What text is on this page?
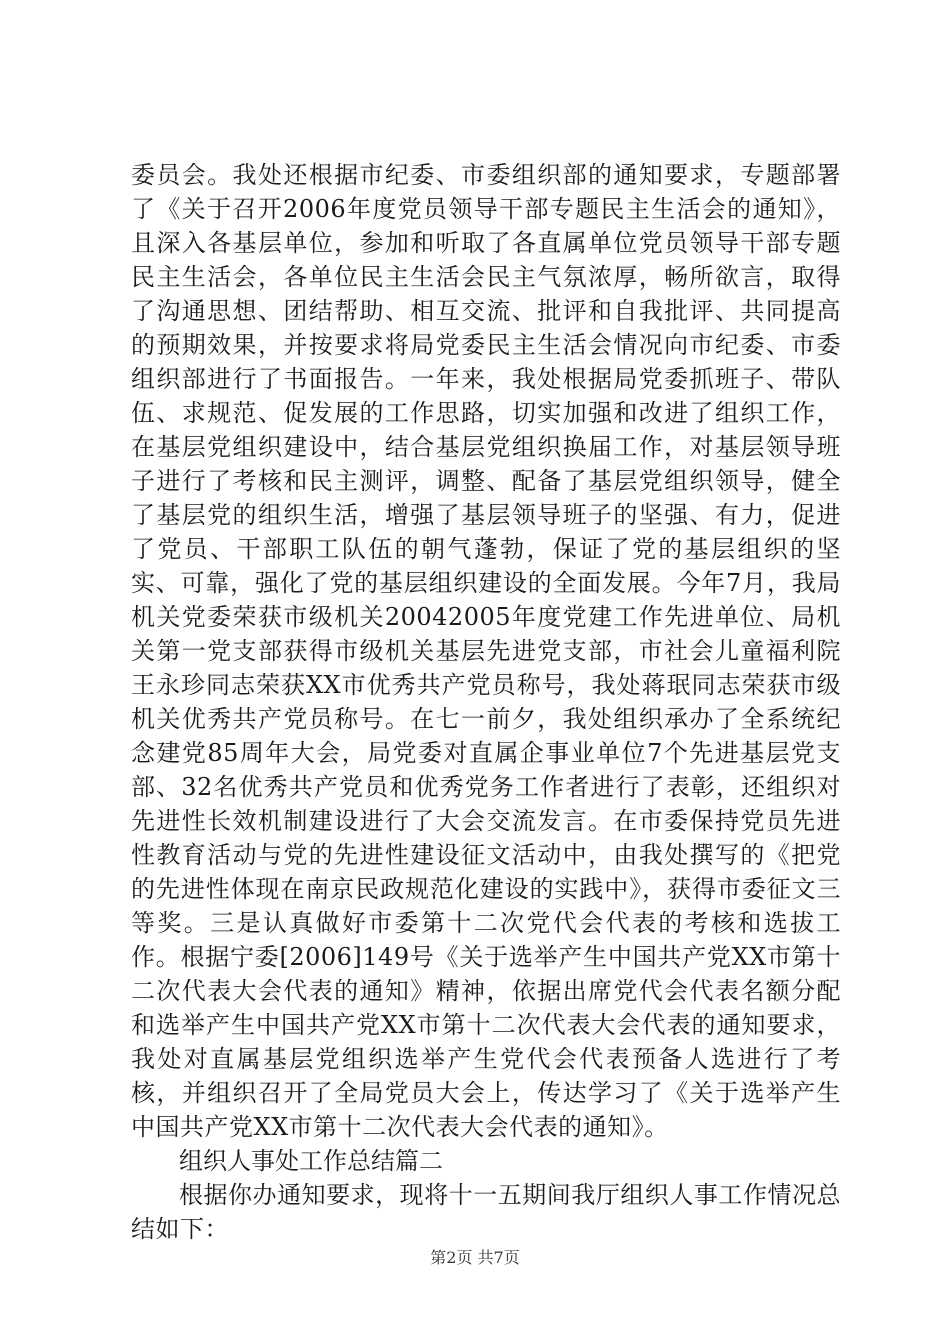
委员会。我处还根据市纪委、市委组织部的通知要求，专题部署了《关于召开2006年度党员领导干部专题民主生活会的通知》，且深入各基层单位，参加和听取了各直属单位党员领导干部专题民主生活会，各单位民主生活会民主气氛浓厚，畅所欲言，取得了沟通思想、团结帮助、相互交流、批评和自我批评、共同提高的预期效果，并按要求将局党委民主生活会情况向市纪委、市委组织部进行了书面报告。一年来，我处根据局党委抓班子、带队伍、求规范、促发展的工作思路，切实加强和改进了组织工作，在基层党组织建设中，结合基层党组织换届工作，对基层领导班子进行了考核和民主测评，调整、配备了基层党组织领导，健全了基层党的组织生活，增强了基层领导班子的坚强、有力，促进了党员、干部职工队伍的朝气蓬勃，保证了党的基层组织的坚实、可靠，强化了党的基层组织建设的全面发展。今年7月，我局机关党委荣获市级机关20042005年度党建工作先进单位、局机关第一党支部获得市级机关基层先进党支部，市社会儿童福利院王永珍同志荣获XX市优秀共产党员称号，我处蒋珉同志荣获市级机关优秀共产党员称号。在七一前夕，我处组织承办了全系统纪念建党85周年大会，局党委对直属企事业单位7个先进基层党支部、32名优秀共产党员和优秀党务工作者进行了表彰，还组织对先进性长效机制建设进行了大会交流发言。在市委保持党员先进性教育活动与党的先进性建设征文活动中，由我处撰写的《把党的先进性体现在南京民政规范化建设的实践中》，获得市委征文三等奖。三是认真做好市委第十二次党代会代表的考核和选拔工作。根据宁委[2006]149号《关于选举产生中国共产党XX市第十二次代表大会代表的通知》精神，依据出席党代会代表名额分配和选举产生中国共产党XX市第十二次代表大会代表的通知要求，我处对直属基层党组织选举产生党代会代表预备人选进行了考核，并组织召开了全局党员大会上，传达学习了《关于选举产生中国共产党XX市第十二次代表大会代表的通知》。

组织人事处工作总结篇二

根据你办通知要求，现将十一五期间我厅组织人事工作情况总结如下：

第2页 共7页
